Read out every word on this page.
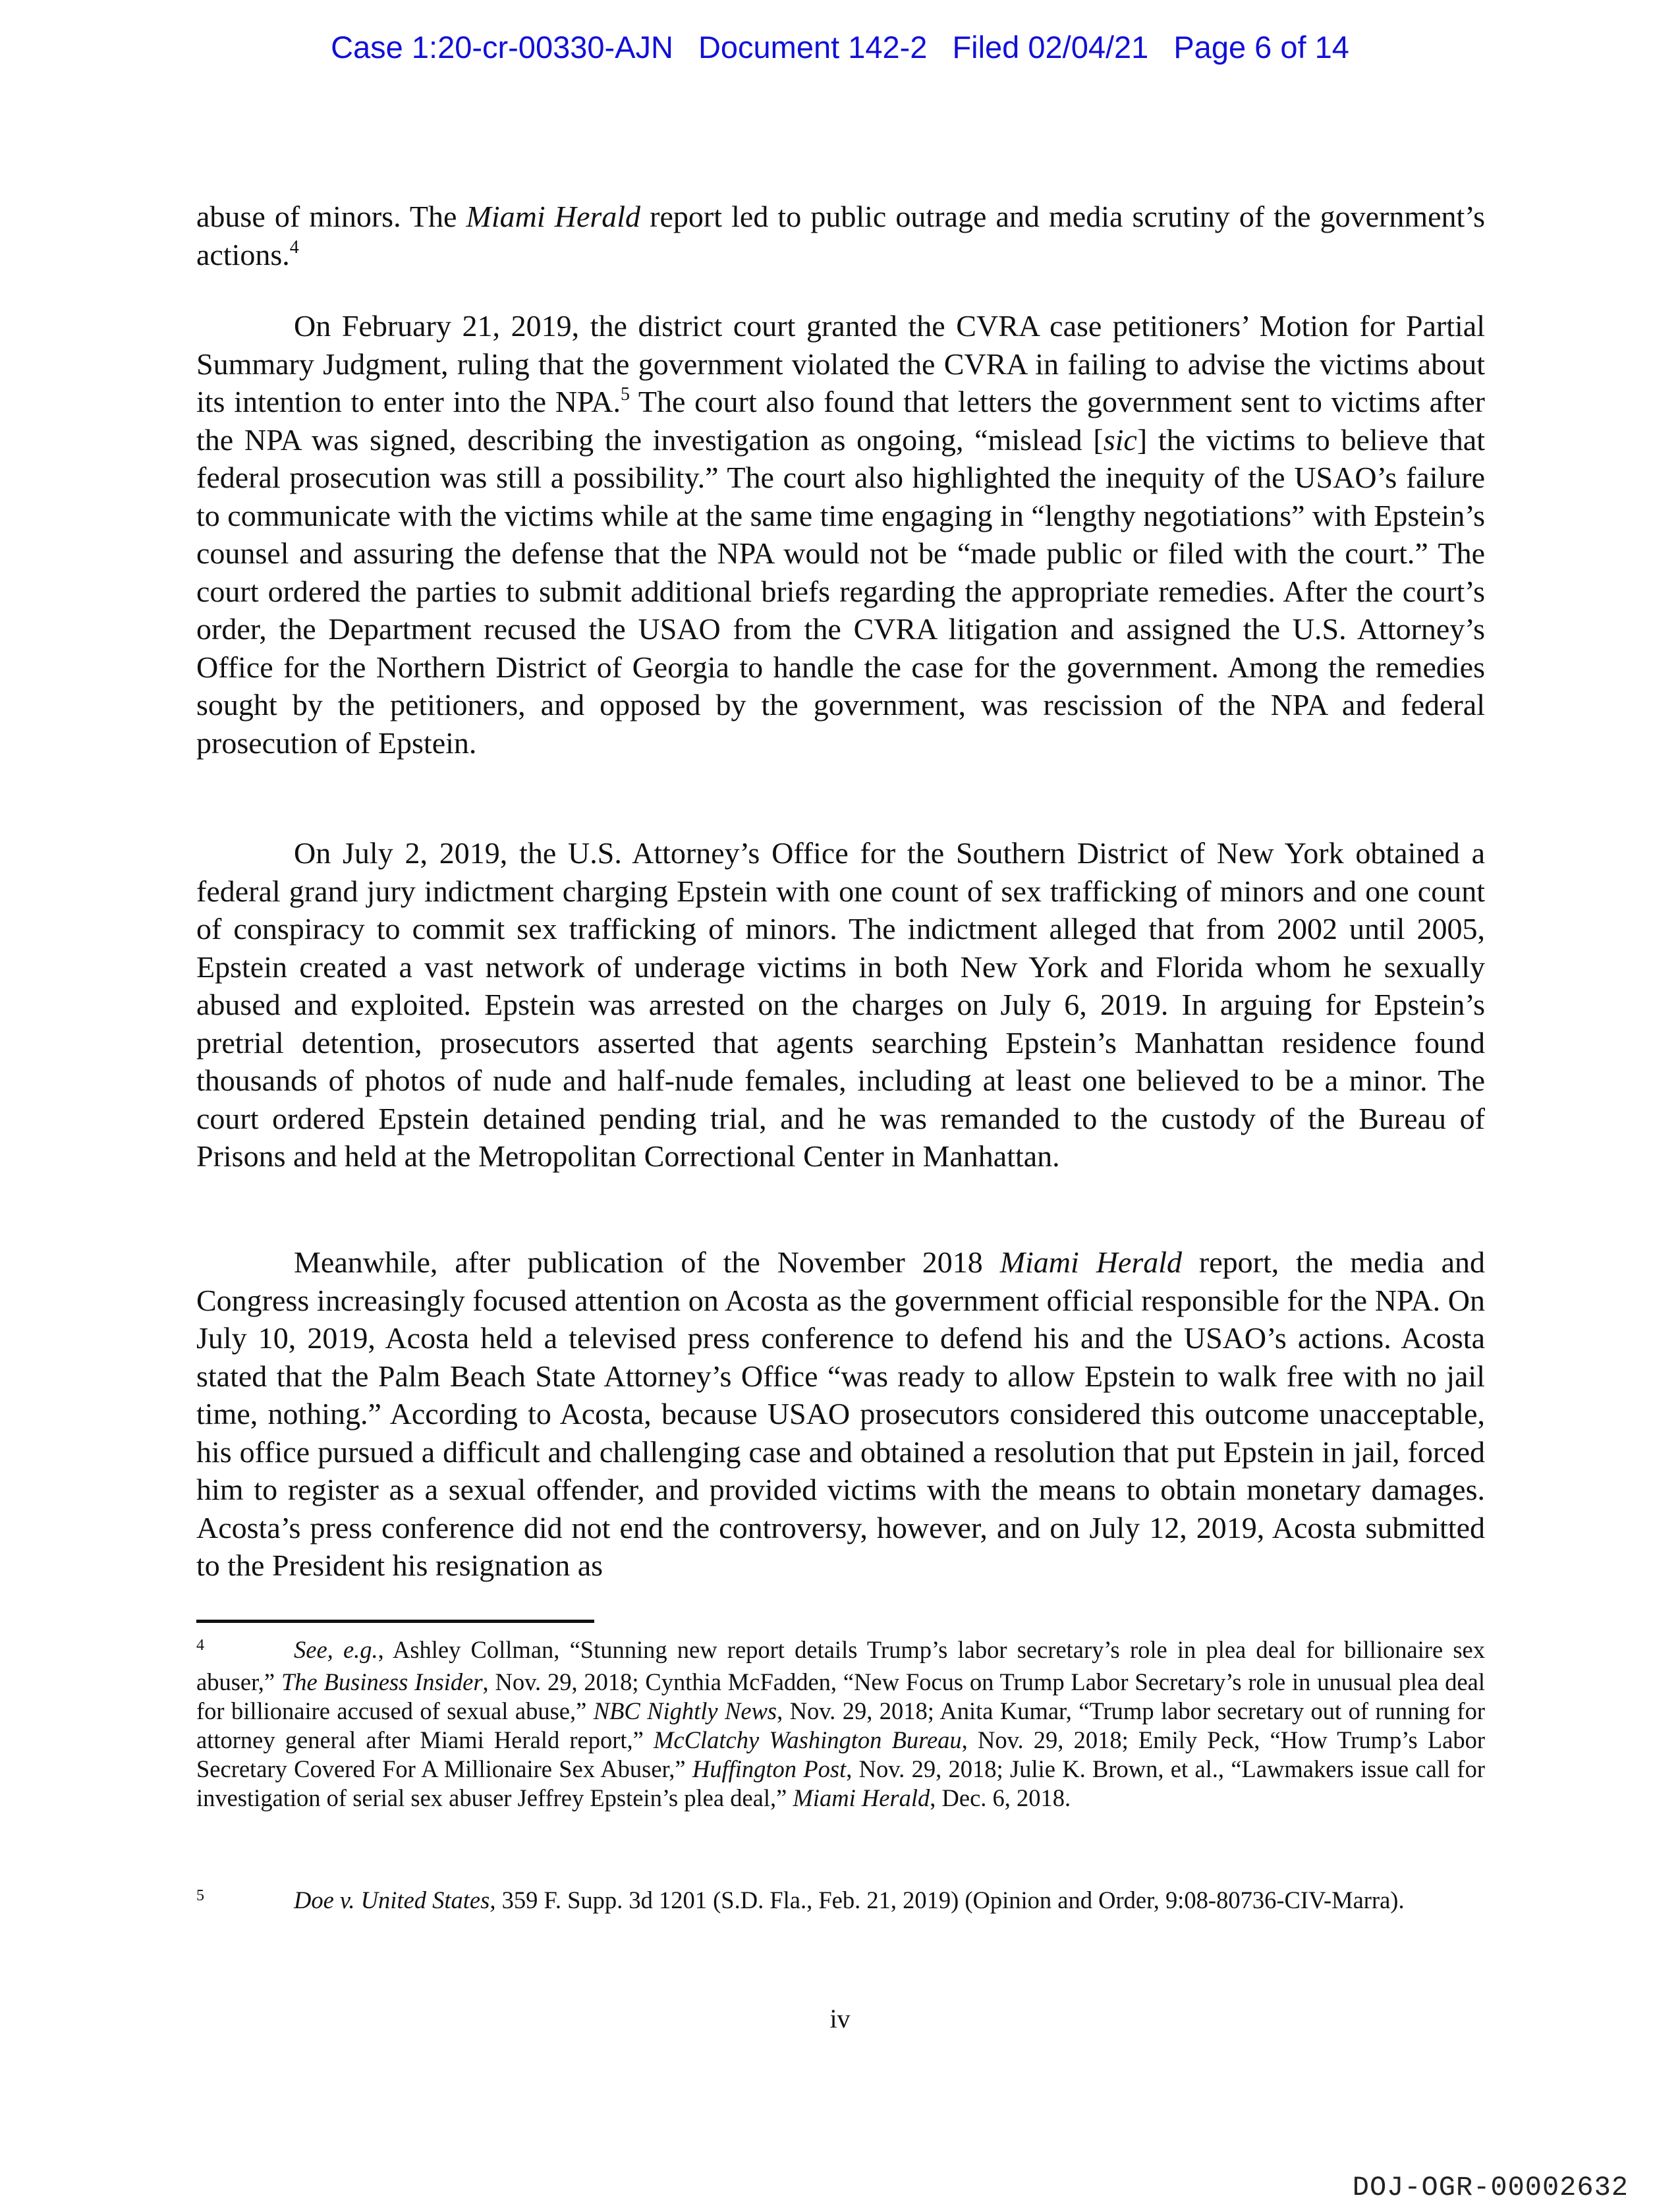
Case 1:20-cr-00330-AJN Document 142-2 Filed 02/04/21 Page 6 of 14

abuse of minors. The Miami Herald report led to public outrage and media scrutiny of the government’s actions.$^4$

On February 21, 2019, the district court granted the CVRA case petitioners’ Motion for Partial Summary Judgment, ruling that the government violated the CVRA in failing to advise the victims about its intention to enter into the NPA.$^5$ The court also found that letters the government sent to victims after the NPA was signed, describing the investigation as ongoing, “mislead [sic] the victims to believe that federal prosecution was still a possibility.” The court also highlighted the inequity of the USAO’s failure to communicate with the victims while at the same time engaging in “lengthy negotiations” with Epstein’s counsel and assuring the defense that the NPA would not be “made public or filed with the court.” The court ordered the parties to submit additional briefs regarding the appropriate remedies. After the court’s order, the Department recused the USAO from the CVRA litigation and assigned the U.S. Attorney’s Office for the Northern District of Georgia to handle the case for the government. Among the remedies sought by the petitioners, and opposed by the government, was rescission of the NPA and federal prosecution of Epstein.

On July 2, 2019, the U.S. Attorney’s Office for the Southern District of New York obtained a federal grand jury indictment charging Epstein with one count of sex trafficking of minors and one count of conspiracy to commit sex trafficking of minors. The indictment alleged that from 2002 until 2005, Epstein created a vast network of underage victims in both New York and Florida whom he sexually abused and exploited. Epstein was arrested on the charges on July 6, 2019. In arguing for Epstein’s pretrial detention, prosecutors asserted that agents searching Epstein’s Manhattan residence found thousands of photos of nude and half-nude females, including at least one believed to be a minor. The court ordered Epstein detained pending trial, and he was remanded to the custody of the Bureau of Prisons and held at the Metropolitan Correctional Center in Manhattan.

Meanwhile, after publication of the November 2018 Miami Herald report, the media and Congress increasingly focused attention on Acosta as the government official responsible for the NPA. On July 10, 2019, Acosta held a televised press conference to defend his and the USAO’s actions. Acosta stated that the Palm Beach State Attorney’s Office “was ready to allow Epstein to walk free with no jail time, nothing.” According to Acosta, because USAO prosecutors considered this outcome unacceptable, his office pursued a difficult and challenging case and obtained a resolution that put Epstein in jail, forced him to register as a sexual offender, and provided victims with the means to obtain monetary damages. Acosta’s press conference did not end the controversy, however, and on July 12, 2019, Acosta submitted to the President his resignation as

4	See, e.g., Ashley Collman, “Stunning new report details Trump’s labor secretary’s role in plea deal for billionaire sex abuser,” The Business Insider, Nov. 29, 2018; Cynthia McFadden, “New Focus on Trump Labor Secretary’s role in unusual plea deal for billionaire accused of sexual abuse,” NBC Nightly News, Nov. 29, 2018; Anita Kumar, “Trump labor secretary out of running for attorney general after Miami Herald report,” McClatchy Washington Bureau, Nov. 29, 2018; Emily Peck, “How Trump’s Labor Secretary Covered For A Millionaire Sex Abuser,” Huffington Post, Nov. 29, 2018; Julie K. Brown, et al., “Lawmakers issue call for investigation of serial sex abuser Jeffrey Epstein’s plea deal,” Miami Herald, Dec. 6, 2018.
5	Doe v. United States, 359 F. Supp. 3d 1201 (S.D. Fla., Feb. 21, 2019) (Opinion and Order, 9:08-80736-CIV-Marra).
iv
DOJ-OGR-00002632
